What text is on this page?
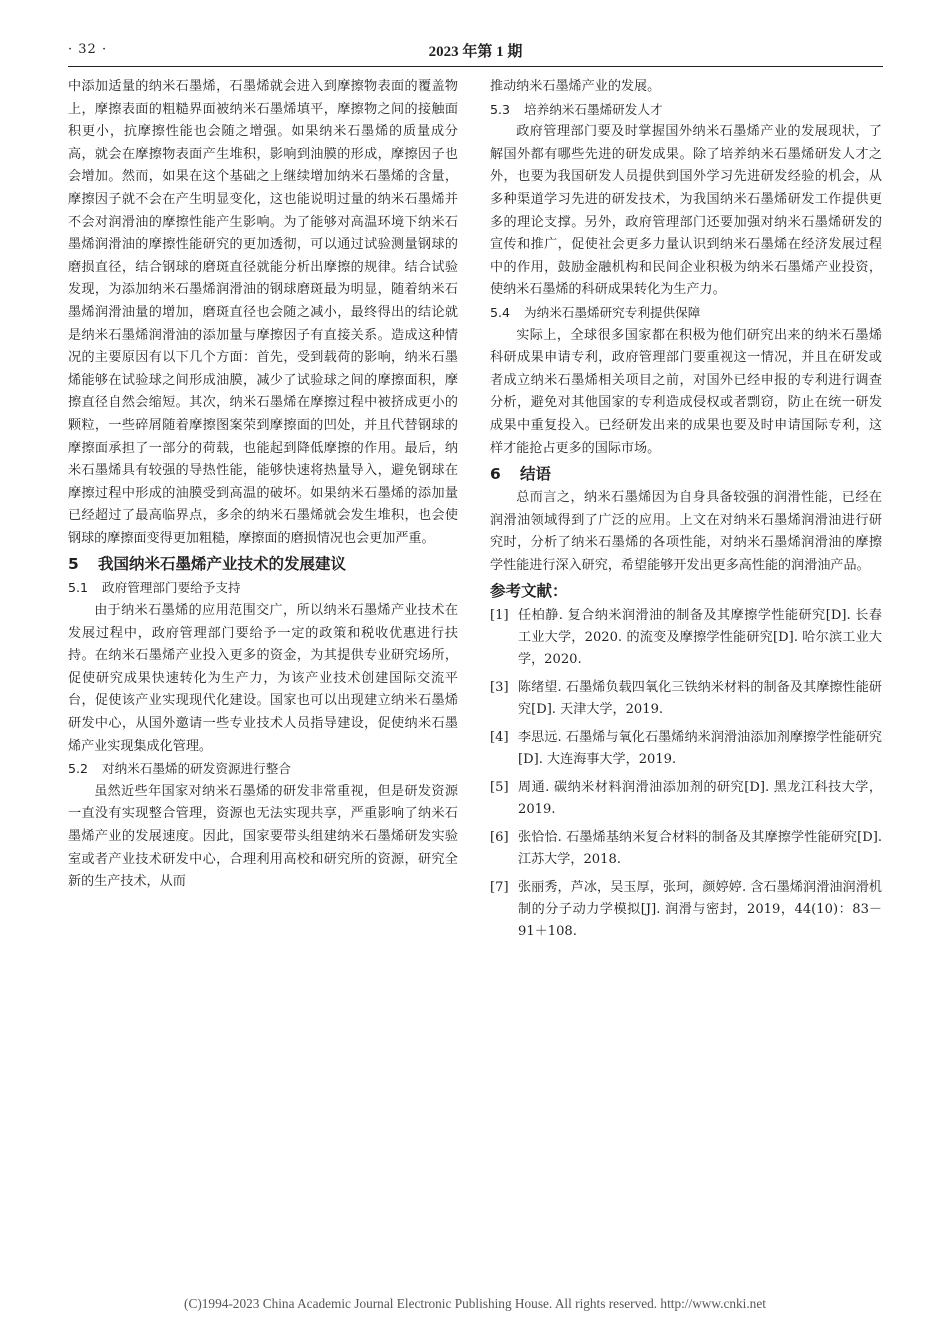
· 32 ·	2023 年第 1 期

中添加适量的纳米石墨烯，石墨烯就会进入到摩擦物表面的覆盖物上，摩擦表面的粗糙界面被纳米石墨烯填平，摩擦物之间的接触面积更小，抗摩擦性能也会随之增强。如果纳米石墨烯的质量成分高，就会在摩擦物表面产生堆积，影响到油膜的形成，摩擦因子也会增加。然而，如果在这个基础之上继续增加纳米石墨烯的含量，摩擦因子就不会在产生明显变化，这也能说明过量的纳米石墨烯并不会对润滑油的摩擦性能产生影响。为了能够对高温环境下纳米石墨烯润滑油的摩擦性能研究的更加透彻，可以通过试验测量钢球的磨损直径，结合钢球的磨斑直径就能分析出摩擦的规律。结合试验发现，为添加纳米石墨烯润滑油的钢球磨斑最为明显，随着纳米石墨烯润滑油量的增加，磨斑直径也会随之减小，最终得出的结论就是纳米石墨烯润滑油的添加量与摩擦因子有直接关系。造成这种情况的主要原因有以下几个方面：首先，受到载荷的影响，纳米石墨烯能够在试验球之间形成油膜，减少了试验球之间的摩擦面积，摩擦直径自然会缩短。其次，纳米石墨烯在摩擦过程中被挤成更小的颗粒，一些碎屑随着摩擦图案荣到摩擦面的凹处，并且代替钢球的摩擦面承担了一部分的荷载，也能起到降低摩擦的作用。最后，纳米石墨烯具有较强的导热性能，能够快速将热量导入，避免钢球在摩擦过程中形成的油膜受到高温的破坏。如果纳米石墨烯的添加量已经超过了最高临界点，多余的纳米石墨烯就会发生堆积，也会使钢球的摩擦面变得更加粗糙，摩擦面的磨损情况也会更加严重。

5 我国纳米石墨烯产业技术的发展建议
5.1 政府管理部门要给予支持

由于纳米石墨烯的应用范围交广，所以纳米石墨烯产业技术在发展过程中，政府管理部门要给予一定的政策和税收优惠进行扶持。在纳米石墨烯产业投入更多的资金，为其提供专业研究场所，促使研究成果快速转化为生产力，为该产业技术创建国际交流平台，促使该产业实现现代化建设。国家也可以出现建立纳米石墨烯研发中心，从国外邀请一些专业技术人员指导建设，促使纳米石墨烯产业实现集成化管理。

5.2 对纳米石墨烯的研发资源进行整合

虽然近些年国家对纳米石墨烯的研发非常重视，但是研发资源一直没有实现整合管理，资源也无法实现共享，严重影响了纳米石墨烯产业的发展速度。因此，国家要带头组建纳米石墨烯研发实验室或者产业技术研发中心，合理利用高校和研究所的资源，研究全新的生产技术，从而

推动纳米石墨烯产业的发展。

5.3 培养纳米石墨烯研发人才

政府管理部门要及时掌握国外纳米石墨烯产业的发展现状，了解国外都有哪些先进的研发成果。除了培养纳米石墨烯研发人才之外，也要为我国研发人员提供到国外学习先进研发经验的机会，从多种渠道学习先进的研发技术，为我国纳米石墨烯研发工作提供更多的理论支撑。另外，政府管理部门还要加强对纳米石墨烯研发的宣传和推广，促使社会更多力量认识到纳米石墨烯在经济发展过程中的作用，鼓励金融机构和民间企业积极为纳米石墨烯产业投资，使纳米石墨烯的科研成果转化为生产力。

5.4 为纳米石墨烯研究专利提供保障

实际上，全球很多国家都在积极为他们研究出来的纳米石墨烯科研成果申请专利，政府管理部门要重视这一情况，并且在研发或者成立纳米石墨烯相关项目之前，对国外已经申报的专利进行调查分析，避免对其他国家的专利造成侵权或者剽窃，防止在统一研发成果中重复投入。已经研发出来的成果也要及时申请国际专利，这样才能抢占更多的国际市场。

6 结语

总而言之，纳米石墨烯因为自身具备较强的润滑性能，已经在润滑油领域得到了广泛的应用。上文在对纳米石墨烯润滑油进行研究时，分析了纳米石墨烯的各项性能，对纳米石墨烯润滑油的摩擦学性能进行深入研究，希望能够开发出更多高性能的润滑油产品。

参考文献：
[1] 任柏静. 复合纳米润滑油的制备及其摩擦学性能研究[D]. 长春工业大学，2020. 的流变及摩擦学性能研究[D]. 哈尔滨工业大学，2020.
[3] 陈绪望. 石墨烯负载四氧化三铁纳米材料的制备及其摩擦性能研究[D]. 天津大学，2019.
[4] 李思远. 石墨烯与氧化石墨烯纳米润滑油添加剂摩擦学性能研究[D]. 大连海事大学，2019.
[5] 周通. 碳纳米材料润滑油添加剂的研究[D]. 黑龙江科技大学，2019.
[6] 张恰恰. 石墨烯基纳米复合材料的制备及其摩擦学性能研究[D]. 江苏大学，2018.
[7] 张丽秀，芦冰，吴玉厚，张珂，颜婷婷. 含石墨烯润滑油润滑机制的分子动力学模拟[J]. 润滑与密封，2019，44(10)：83－91＋108.
(C)1994-2023 China Academic Journal Electronic Publishing House. All rights reserved. http://www.cnki.net
